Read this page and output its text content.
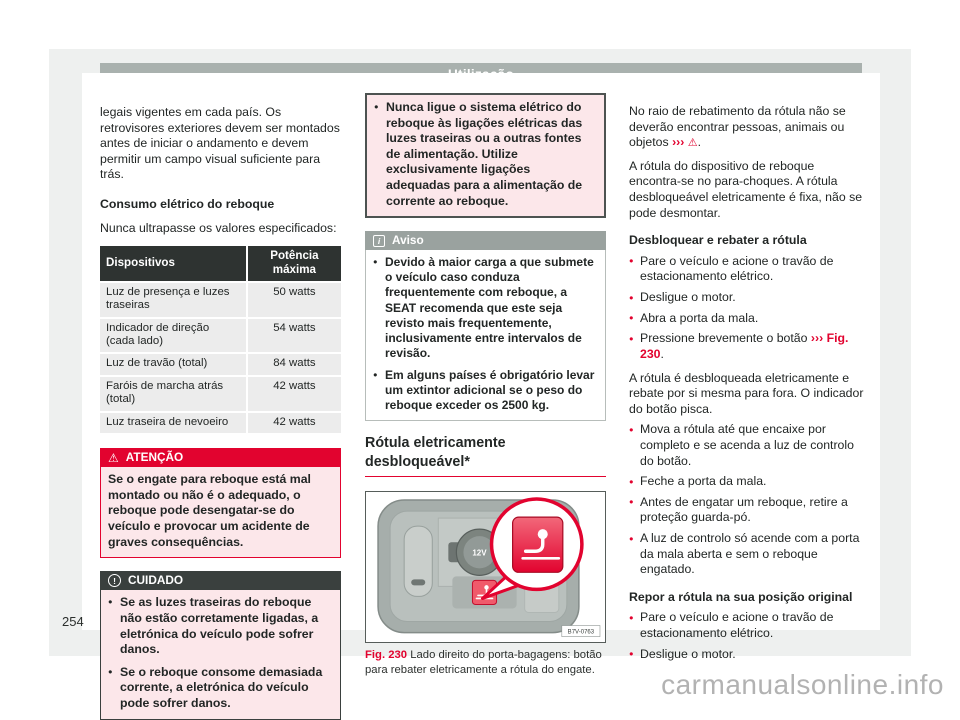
legais vigentes em cada país. Os retrovisores exteriores devem ser montados antes de iniciar o andamento e devem permitir um campo visual suficiente para trás.

Consumo elétrico do reboque

Nunca ultrapasse os valores especificados:

Dispositivos	Potência máxima
Luz de presença e luzes traseiras	50 watts
Indicador de direção (cada lado)	54 watts
Luz de travão (total)	84 watts
Faróis de marcha atrás (total)	42 watts
Luz traseira de nevoeiro	42 watts
⚠ ATENÇÃO
Se o engate para reboque está mal montado ou não é o adequado, o reboque pode desengatar-se do veículo e provocar um acidente de graves consequências.
!	CUIDADO
● Se as luzes traseiras do reboque não estão corretamente ligadas, a eletrónica do veículo pode sofrer danos.
● Se o reboque consome demasiada corrente, a eletrónica do veículo pode sofrer danos.
● Nunca ligue o sistema elétrico do reboque às ligações elétricas das luzes traseiras ou a outras fontes de alimentação. Utilize exclusivamente ligações adequadas para a alimentação de corrente ao reboque.
i	Aviso
● Devido à maior carga a que submete o veículo caso conduza frequentemente com reboque, a SEAT recomenda que este seja revisto mais frequentemente, inclusivamente entre intervalos de revisão.
● Em alguns países é obrigatório levar um extintor adicional se o peso do reboque exceder os 2500 kg.
Rótula eletricamente desbloqueável*
12V
B7V-0763
Fig. 230 Lado direito do porta-bagagens: botão para rebater eletricamente a rótula do engate.

No raio de rebatimento da rótula não se deverão encontrar pessoas, animais ou objetos ››› ⚠.

A rótula do dispositivo de reboque encontra-se no para-choques. A rótula desbloqueável eletricamente é fixa, não se pode desmontar.

Desbloquear e rebater a rótula
● Pare o veículo e acione o travão de estacionamento elétrico.
● Desligue o motor.
● Abra a porta da mala.
● Pressione brevemente o botão ››› Fig. 230.

A rótula é desbloqueada eletricamente e rebate por si mesma para fora. O indicador do botão pisca.

● Mova a rótula até que encaixe por completo e se acenda a luz de controlo do botão.
● Feche a porta da mala.
● Antes de engatar um reboque, retire a proteção guarda-pó.
● A luz de controlo só acende com a porta da mala aberta e sem o reboque engatado.
Repor a rótula na sua posição original
● Pare o veículo e acione o travão de estacionamento elétrico.
● Desligue o motor.
254
carmanualsonline.info
